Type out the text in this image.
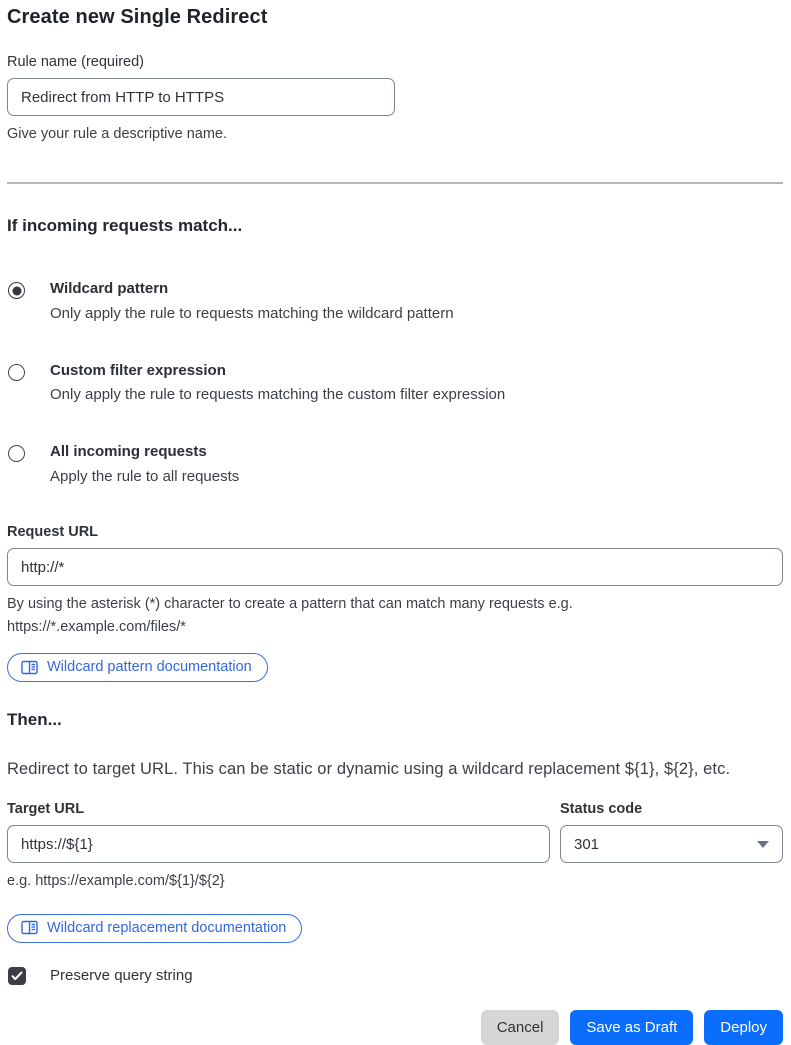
Create new Single Redirect
Rule name (required)
Redirect from HTTP to HTTPS
Give your rule a descriptive name.
If incoming requests match...
Wildcard pattern
Only apply the rule to requests matching the wildcard pattern
Custom filter expression
Only apply the rule to requests matching the custom filter expression
All incoming requests
Apply the rule to all requests
Request URL
http://*
By using the asterisk (*) character to create a pattern that can match many requests e.g.
https://*.example.com/files/*
Wildcard pattern documentation
Then...

Redirect to target URL. This can be static or dynamic using a wildcard replacement ${1}, ${2}, etc.

Target URL
https://${1}
e.g. https://example.com/${1}/${2}
Status code
301
Wildcard replacement documentation
Preserve query string
Cancel	Save as Draft	Deploy
